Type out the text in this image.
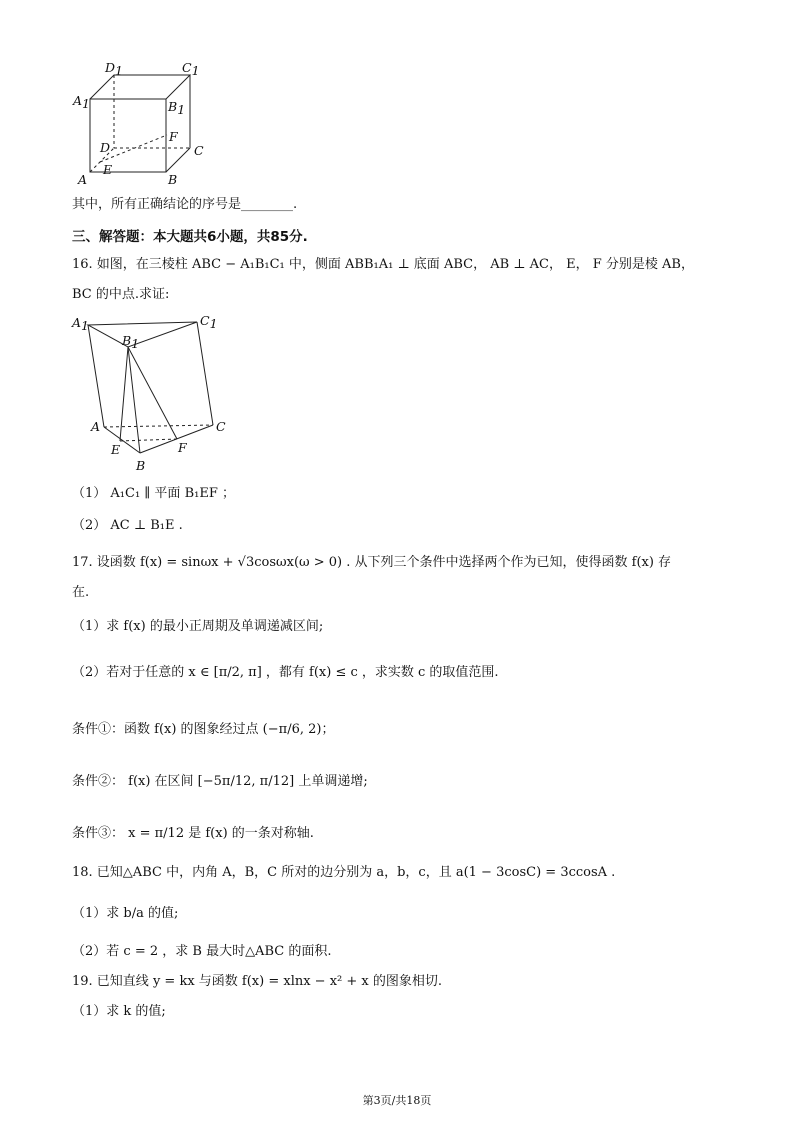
D1	C1
A1	B1
F
D	C
E
A	B
其中，所有正确结论的序号是________.
三、解答题：本大题共6小题，共85分.
16. 如图，在三棱柱 ABC − A₁B₁C₁ 中，侧面 ABB₁A₁ ⊥ 底面 ABC， AB ⊥ AC， E， F 分别是棱 AB，
BC 的中点.求证:
A1	C1
B1
A	C
E	F
B
（1） A₁C₁ ∥ 平面 B₁EF ；
（2） AC ⊥ B₁E .
17. 设函数 f(x) = sinωx + √3cosωx(ω > 0) . 从下列三个条件中选择两个作为已知，使得函数 f(x) 存
在.
（1）求 f(x) 的最小正周期及单调递减区间;
（2）若对于任意的 x ∈ [π/2, π] ，都有 f(x) ≤ c ，求实数 c 的取值范围.
条件①：函数 f(x) 的图象经过点 (−π/6, 2)；
条件②： f(x) 在区间 [−5π/12, π/12] 上单调递增;
条件③： x = π/12 是 f(x) 的一条对称轴.
18. 已知△ABC 中，内角 A，B，C 所对的边分别为 a，b，c，且 a(1 − 3cosC) = 3ccosA .
（1）求 b/a 的值;
（2）若 c = 2 ，求 B 最大时△ABC 的面积.
19. 已知直线 y = kx 与函数 f(x) = xlnx − x² + x 的图象相切.
（1）求 k 的值;
第3页/共18页
